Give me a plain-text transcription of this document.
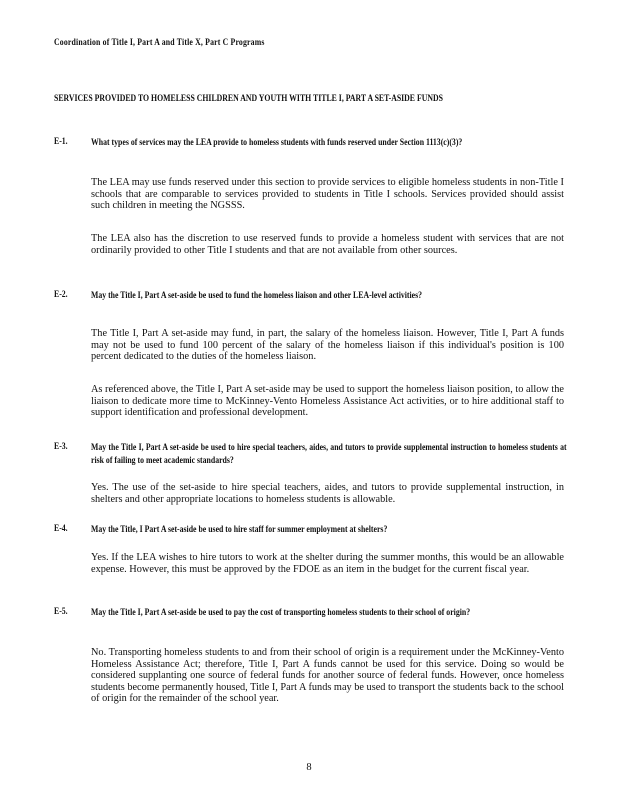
Coordination of Title I, Part A and Title X, Part C Programs
SERVICES PROVIDED TO HOMELESS CHILDREN AND YOUTH WITH TITLE I, PART A SET-ASIDE FUNDS
E-1. What types of services may the LEA provide to homeless students with funds reserved under Section 1113(c)(3)?
The LEA may use funds reserved under this section to provide services to eligible homeless students in non-Title I schools that are comparable to services provided to students in Title I schools. Services provided should assist such children in meeting the NGSSS.
The LEA also has the discretion to use reserved funds to provide a homeless student with services that are not ordinarily provided to other Title I students and that are not available from other sources.
E-2. May the Title I, Part A set-aside be used to fund the homeless liaison and other LEA-level activities?
The Title I, Part A set-aside may fund, in part, the salary of the homeless liaison. However, Title I, Part A funds may not be used to fund 100 percent of the salary of the homeless liaison if this individual's position is 100 percent dedicated to the duties of the homeless liaison.
As referenced above, the Title I, Part A set-aside may be used to support the homeless liaison position, to allow the liaison to dedicate more time to McKinney-Vento Homeless Assistance Act activities, or to hire additional staff to support identification and professional development.
E-3. May the Title I, Part A set-aside be used to hire special teachers, aides, and tutors to provide supplemental instruction to homeless students at risk of failing to meet academic standards?
Yes. The use of the set-aside to hire special teachers, aides, and tutors to provide supplemental instruction, in shelters and other appropriate locations to homeless students is allowable.
E-4. May the Title, I Part A set-aside be used to hire staff for summer employment at shelters?
Yes. If the LEA wishes to hire tutors to work at the shelter during the summer months, this would be an allowable expense. However, this must be approved by the FDOE as an item in the budget for the current fiscal year.
E-5. May the Title I, Part A set-aside be used to pay the cost of transporting homeless students to their school of origin?
No. Transporting homeless students to and from their school of origin is a requirement under the McKinney-Vento Homeless Assistance Act; therefore, Title I, Part A funds cannot be used for this service. Doing so would be considered supplanting one source of federal funds for another source of federal funds. However, once homeless students become permanently housed, Title I, Part A funds may be used to transport the students back to the school of origin for the remainder of the school year.
8
